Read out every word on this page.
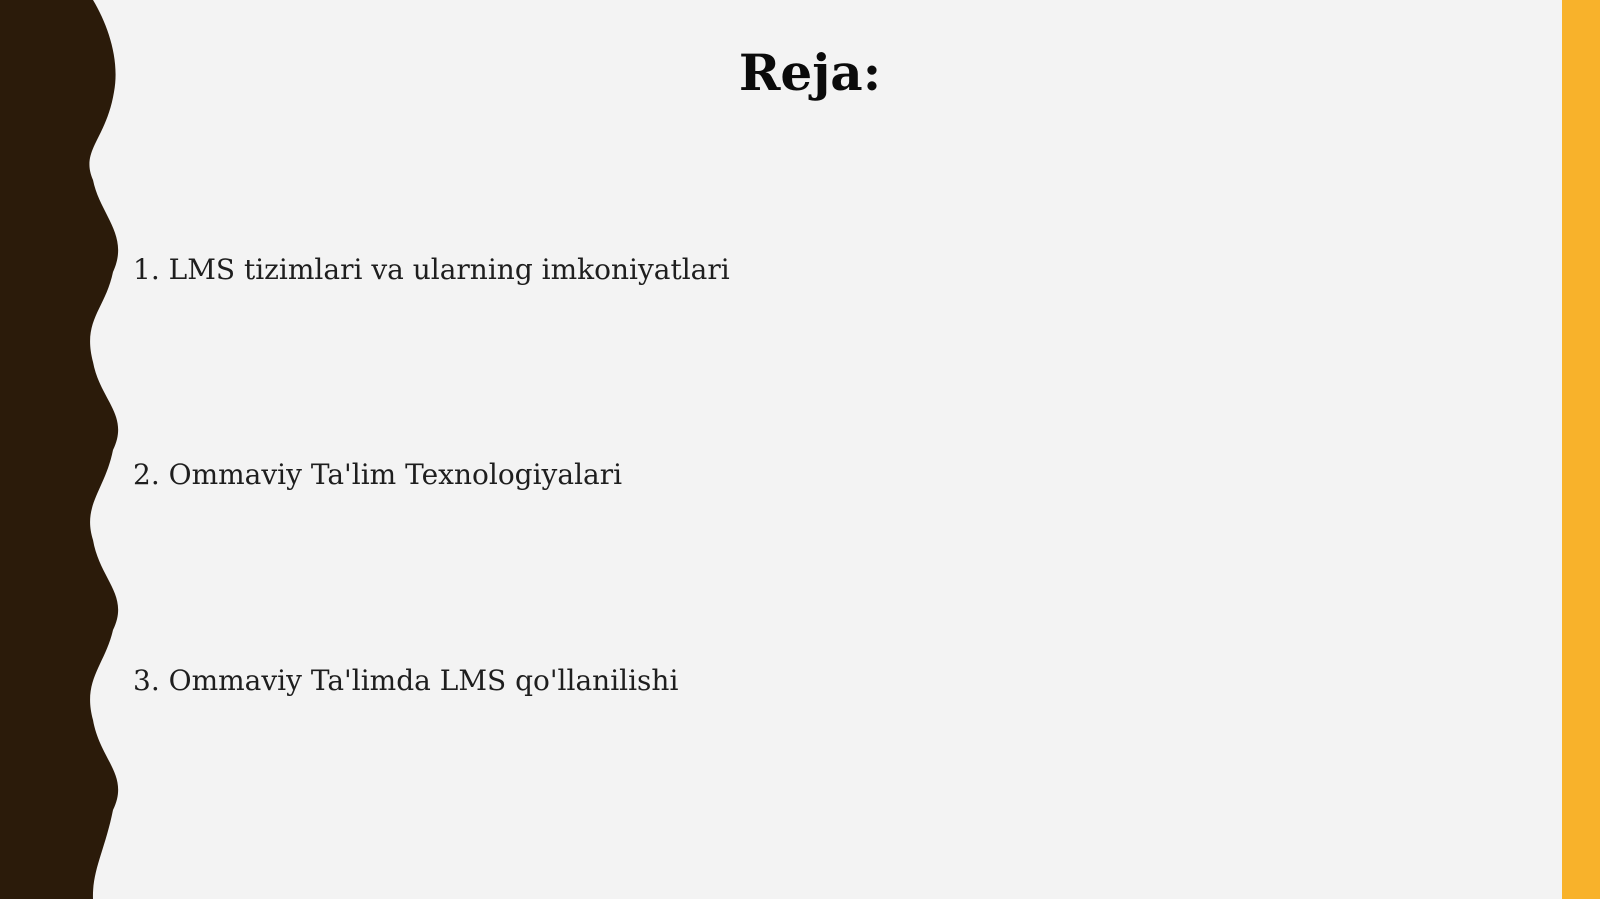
Reja:

1. LMS tizimlari va ularning imkoniyatlari

2. Ommaviy Ta'lim Texnologiyalari

3. Ommaviy Ta'limda LMS qo'llanilishi
